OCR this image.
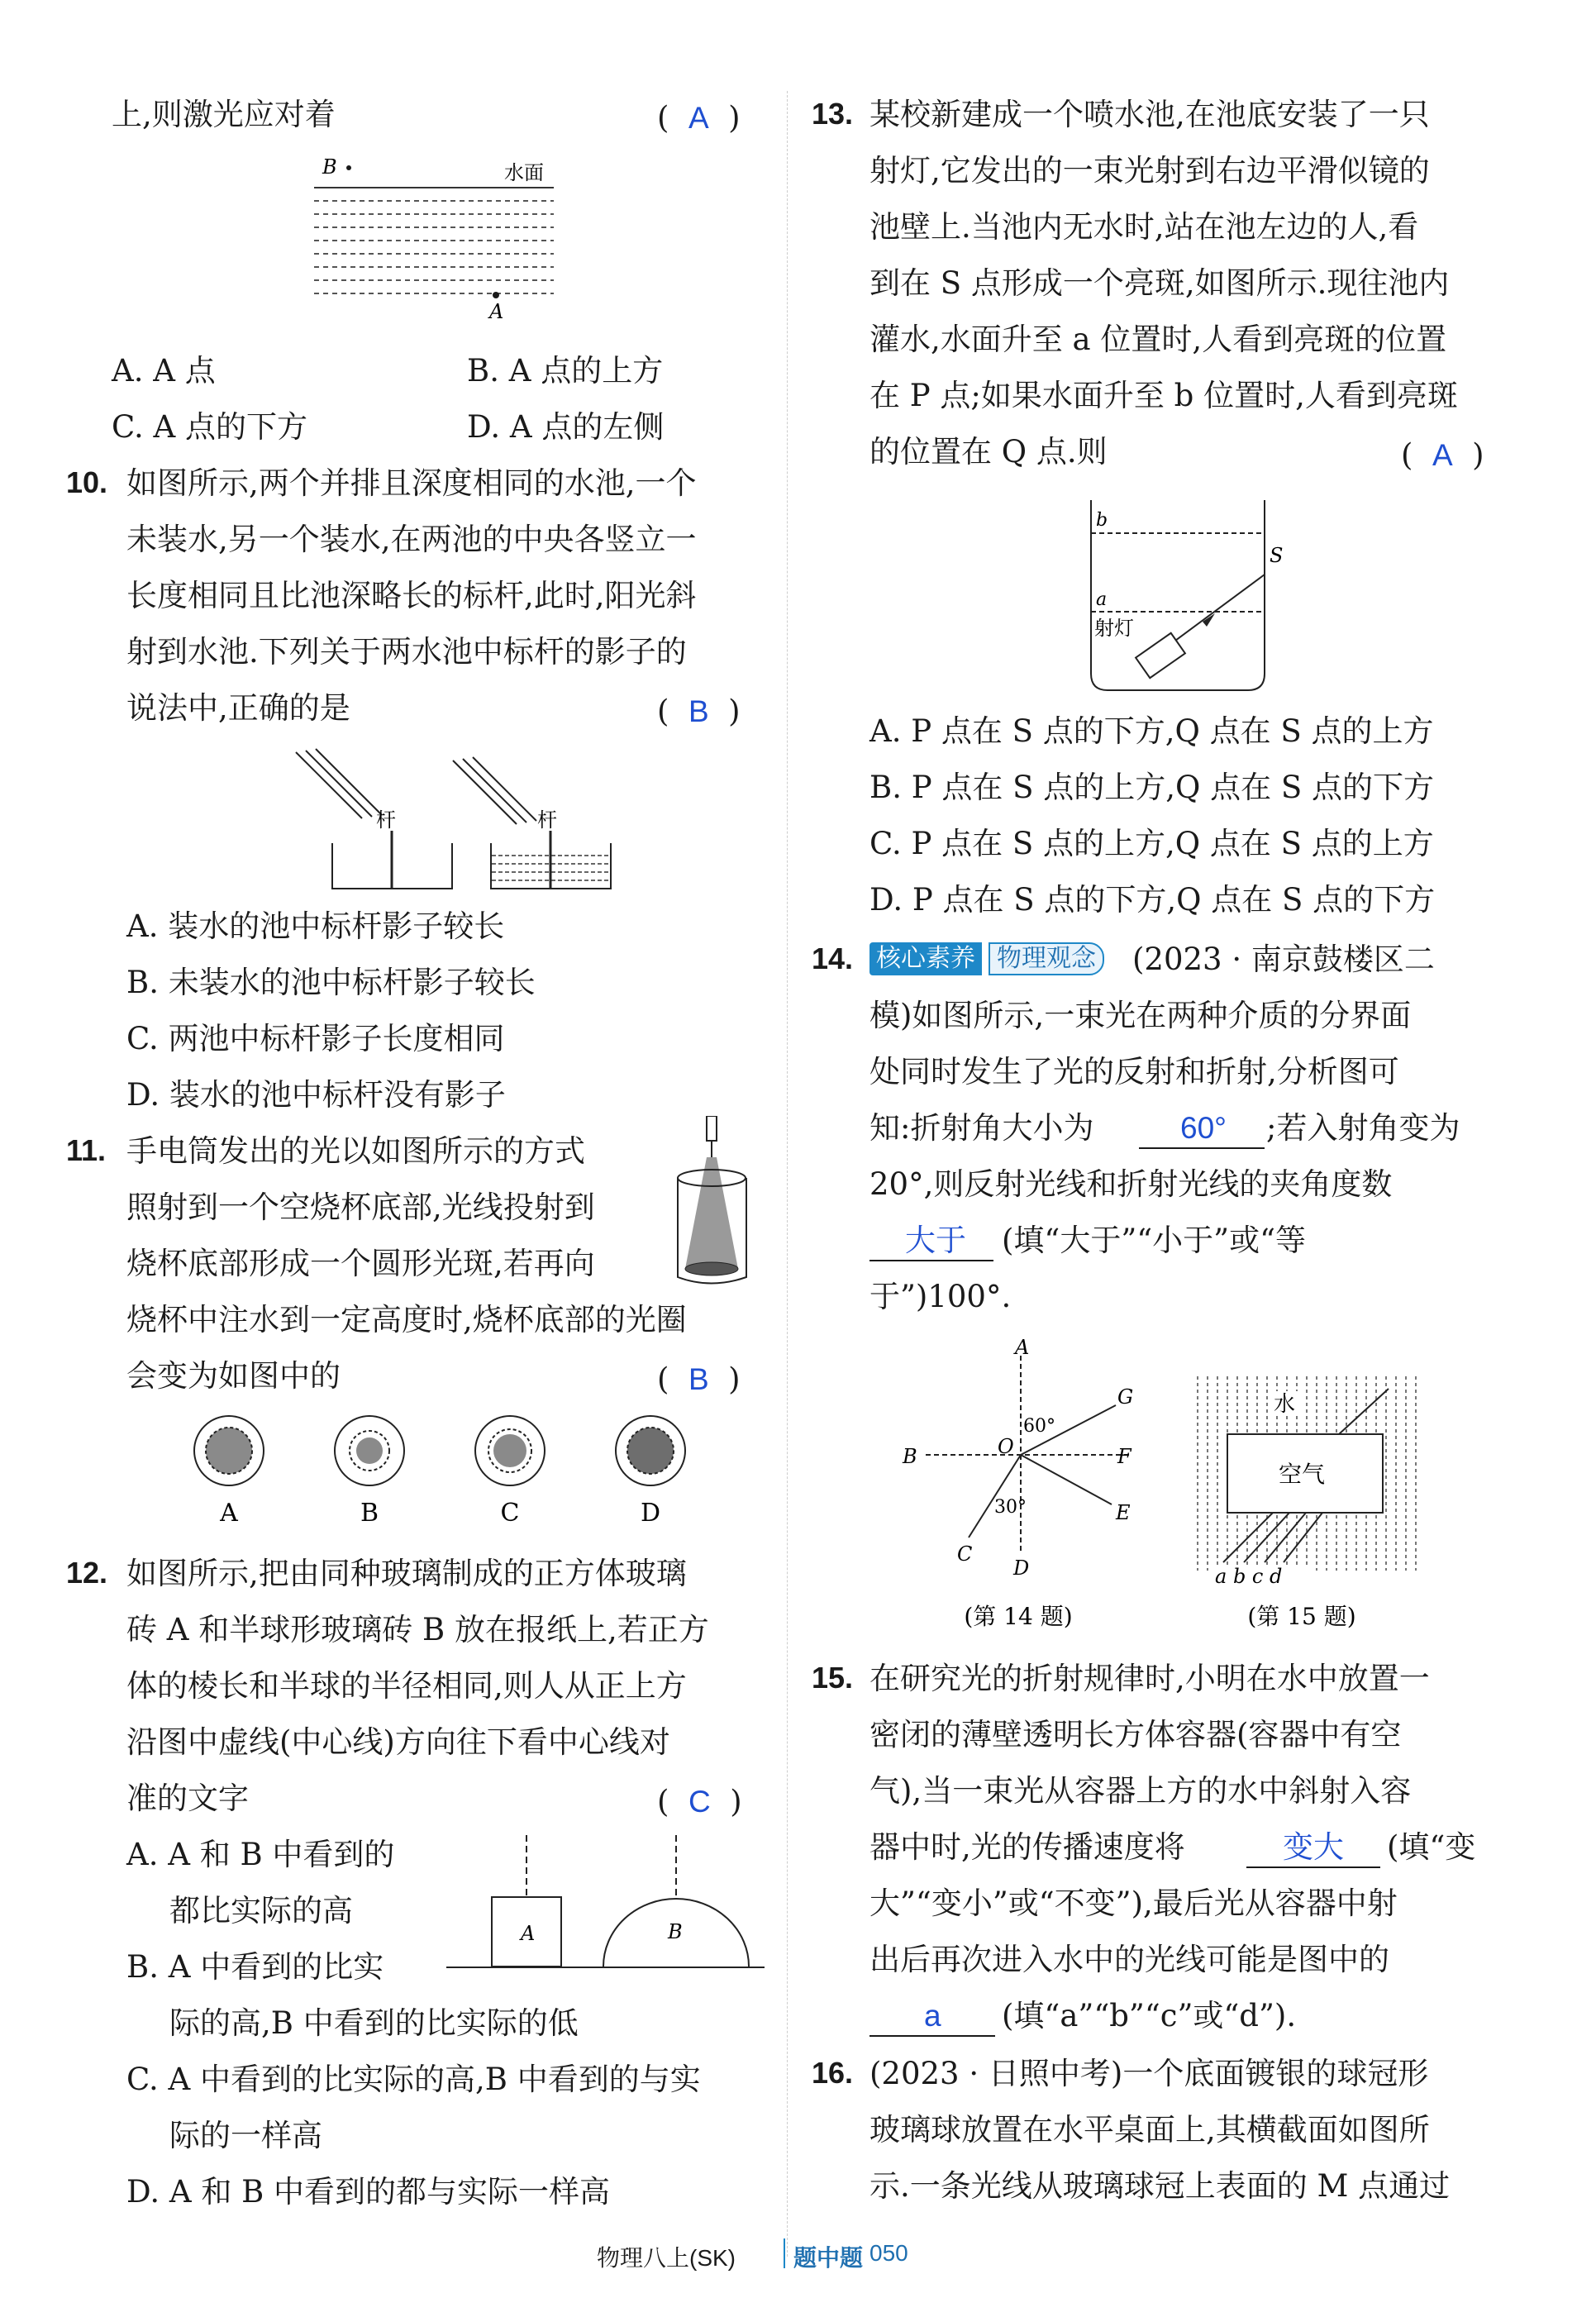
上,则激光应对着	(  A  )
B	水面
A
A. A 点	B. A 点的上方
C. A 点的下方	D. A 点的左侧
10. 如图所示,两个并排且深度相同的水池,一个
未装水,另一个装水,在两池的中央各竖立一
长度相同且比池深略长的标杆,此时,阳光斜
射到水池.下列关于两水池中标杆的影子的
说法中,正确的是	(  B  )
杆	杆
A. 装水的池中标杆影子较长
B. 未装水的池中标杆影子较长
C. 两池中标杆影子长度相同
D. 装水的池中标杆没有影子
11. 手电筒发出的光以如图所示的方式
照射到一个空烧杯底部,光线投射到
烧杯底部形成一个圆形光斑,若再向
烧杯中注水到一定高度时,烧杯底部的光圈
会变为如图中的	(  B  )
A	B	C	D
12. 如图所示,把由同种玻璃制成的正方体玻璃
砖 A 和半球形玻璃砖 B 放在报纸上,若正方
体的棱长和半球的半径相同,则人从正上方
沿图中虚线(中心线)方向往下看中心线对
准的文字	(  C  )
A	B
A. A 和 B 中看到的
都比实际的高
B. A 中看到的比实
际的高,B 中看到的比实际的低
C. A 中看到的比实际的高,B 中看到的与实
际的一样高
D. A 和 B 中看到的都与实际一样高
13. 某校新建成一个喷水池,在池底安装了一只
射灯,它发出的一束光射到右边平滑似镜的
池壁上.当池内无水时,站在池左边的人,看
到在 S 点形成一个亮斑,如图所示.现往池内
灌水,水面升至 a 位置时,人看到亮斑的位置
在 P 点;如果水面升至 b 位置时,人看到亮斑
的位置在 Q 点.则	(  A  )
b
a
射灯
S
A. P 点在 S 点的下方,Q 点在 S 点的上方
B. P 点在 S 点的上方,Q 点在 S 点的下方
C. P 点在 S 点的上方,Q 点在 S 点的上方
D. P 点在 S 点的下方,Q 点在 S 点的下方
14. 核心素养 物理观念 (2023 · 南京鼓楼区二
模)如图所示,一束光在两种介质的分界面
处同时发生了光的反射和折射,分析图可
知:折射角大小为	60° ;若入射角变为
20°,则反射光线和折射光线的夹角度数
大于 (填“大于”“小于”或“等
于”)100°.
A
B
C
D
E
F
G
O
60°
30°
(第 14 题)
水
空气
a b c d
(第 15 题)
15. 在研究光的折射规律时,小明在水中放置一
密闭的薄壁透明长方体容器(容器中有空
气),当一束光从容器上方的水中斜射入容
器中时,光的传播速度将	变大 (填“变
大”“变小”或“不变”),最后光从容器中射
出后再次进入水中的光线可能是图中的
a (填“a”“b”“c”或“d”).
16. (2023 · 日照中考)一个底面镀银的球冠形
玻璃球放置在水平桌面上,其横截面如图所
示.一条光线从玻璃球冠上表面的 M 点通过
物理八上(SK) 题中题 050
